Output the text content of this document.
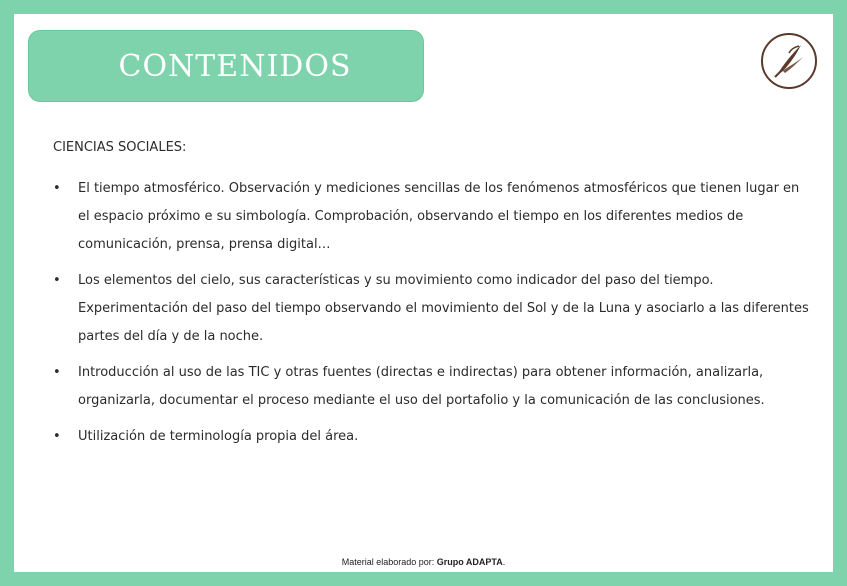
CONTENIDOS
CIENCIAS SOCIALES:
• El tiempo atmosférico. Observación y mediciones sencillas de los fenómenos atmosféricos que tienen lugar en el espacio próximo e su simbología. Comprobación, observando el tiempo en los diferentes medios de comunicación, prensa, prensa digital…
• Los elementos del cielo, sus características y su movimiento como indicador del paso del tiempo. Experimentación del paso del tiempo observando el movimiento del Sol y de la Luna y asociarlo a las diferentes partes del día y de la noche.
• Introducción al uso de las TIC y otras fuentes (directas e indirectas) para obtener información, analizarla, organizarla, documentar el proceso mediante el uso del portafolio y la comunicación de las conclusiones.
• Utilización de terminología propia del área.
Material elaborado por: Grupo ADAPTA.
